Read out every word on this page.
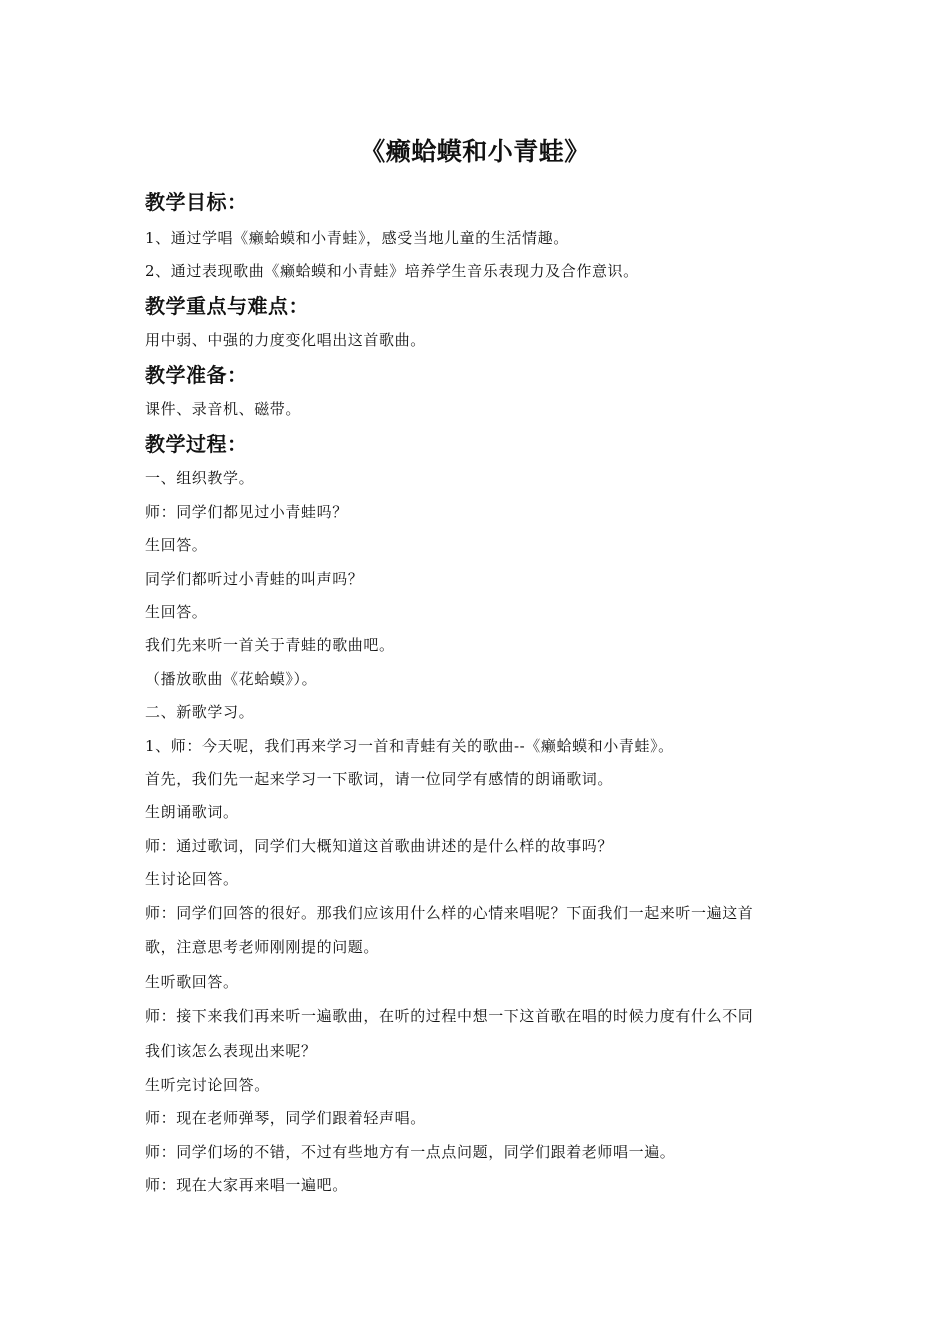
《癞蛤蟆和小青蛙》
教学目标：
1、通过学唱《癞蛤蟆和小青蛙》，感受当地儿童的生活情趣。
2、通过表现歌曲《癞蛤蟆和小青蛙》培养学生音乐表现力及合作意识。
教学重点与难点：
用中弱、中强的力度变化唱出这首歌曲。
教学准备：
课件、录音机、磁带。
教学过程：
一、组织教学。
师：同学们都见过小青蛙吗？
生回答。
同学们都听过小青蛙的叫声吗？
生回答。
我们先来听一首关于青蛙的歌曲吧。
（播放歌曲《花蛤蟆》）。
二、新歌学习。
1、师：今天呢，我们再来学习一首和青蛙有关的歌曲--《癞蛤蟆和小青蛙》。
首先，我们先一起来学习一下歌词，请一位同学有感情的朗诵歌词。
生朗诵歌词。
师：通过歌词，同学们大概知道这首歌曲讲述的是什么样的故事吗？
生讨论回答。
师：同学们回答的很好。那我们应该用什么样的心情来唱呢？下面我们一起来听一遍这首
歌，注意思考老师刚刚提的问题。
生听歌回答。
师：接下来我们再来听一遍歌曲，在听的过程中想一下这首歌在唱的时候力度有什么不同
我们该怎么表现出来呢？
生听完讨论回答。
师：现在老师弹琴，同学们跟着轻声唱。
师：同学们场的不错，不过有些地方有一点点问题，同学们跟着老师唱一遍。
师：现在大家再来唱一遍吧。
